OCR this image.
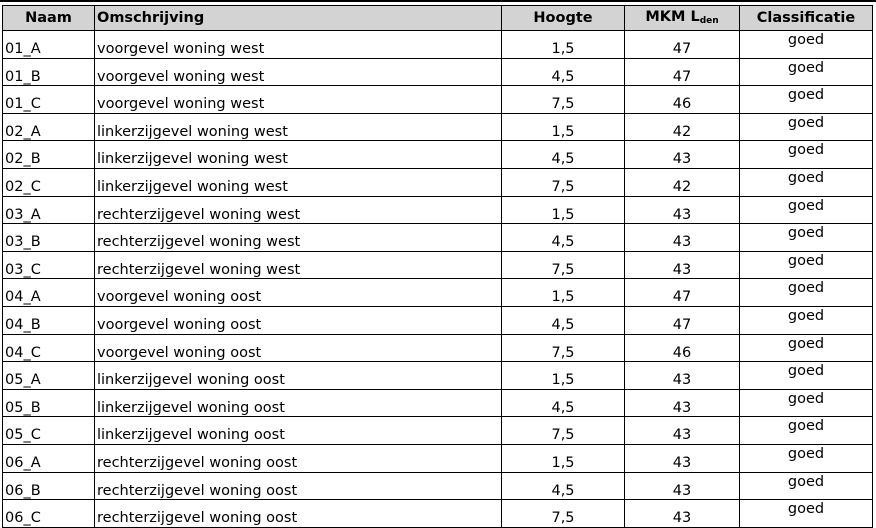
Naam	Omschrijving	Hoogte	MKM $L_{den}$	Classificatie
01_A	voorgevel woning west	1,5	47	goed
01_B	voorgevel woning west	4,5	47	goed
01_C	voorgevel woning west	7,5	46	goed
02_A	linkerzijgevel woning west	1,5	42	goed
02_B	linkerzijgevel woning west	4,5	43	goed
02_C	linkerzijgevel woning west	7,5	42	goed
03_A	rechterzijgevel woning west	1,5	43	goed
03_B	rechterzijgevel woning west	4,5	43	goed
03_C	rechterzijgevel woning west	7,5	43	goed
04_A	voorgevel woning oost	1,5	47	goed
04_B	voorgevel woning oost	4,5	47	goed
04_C	voorgevel woning oost	7,5	46	goed
05_A	linkerzijgevel woning oost	1,5	43	goed
05_B	linkerzijgevel woning oost	4,5	43	goed
05_C	linkerzijgevel woning oost	7,5	43	goed
06_A	rechterzijgevel woning oost	1,5	43	goed
06_B	rechterzijgevel woning oost	4,5	43	goed
06_C	rechterzijgevel woning oost	7,5	43	goed
